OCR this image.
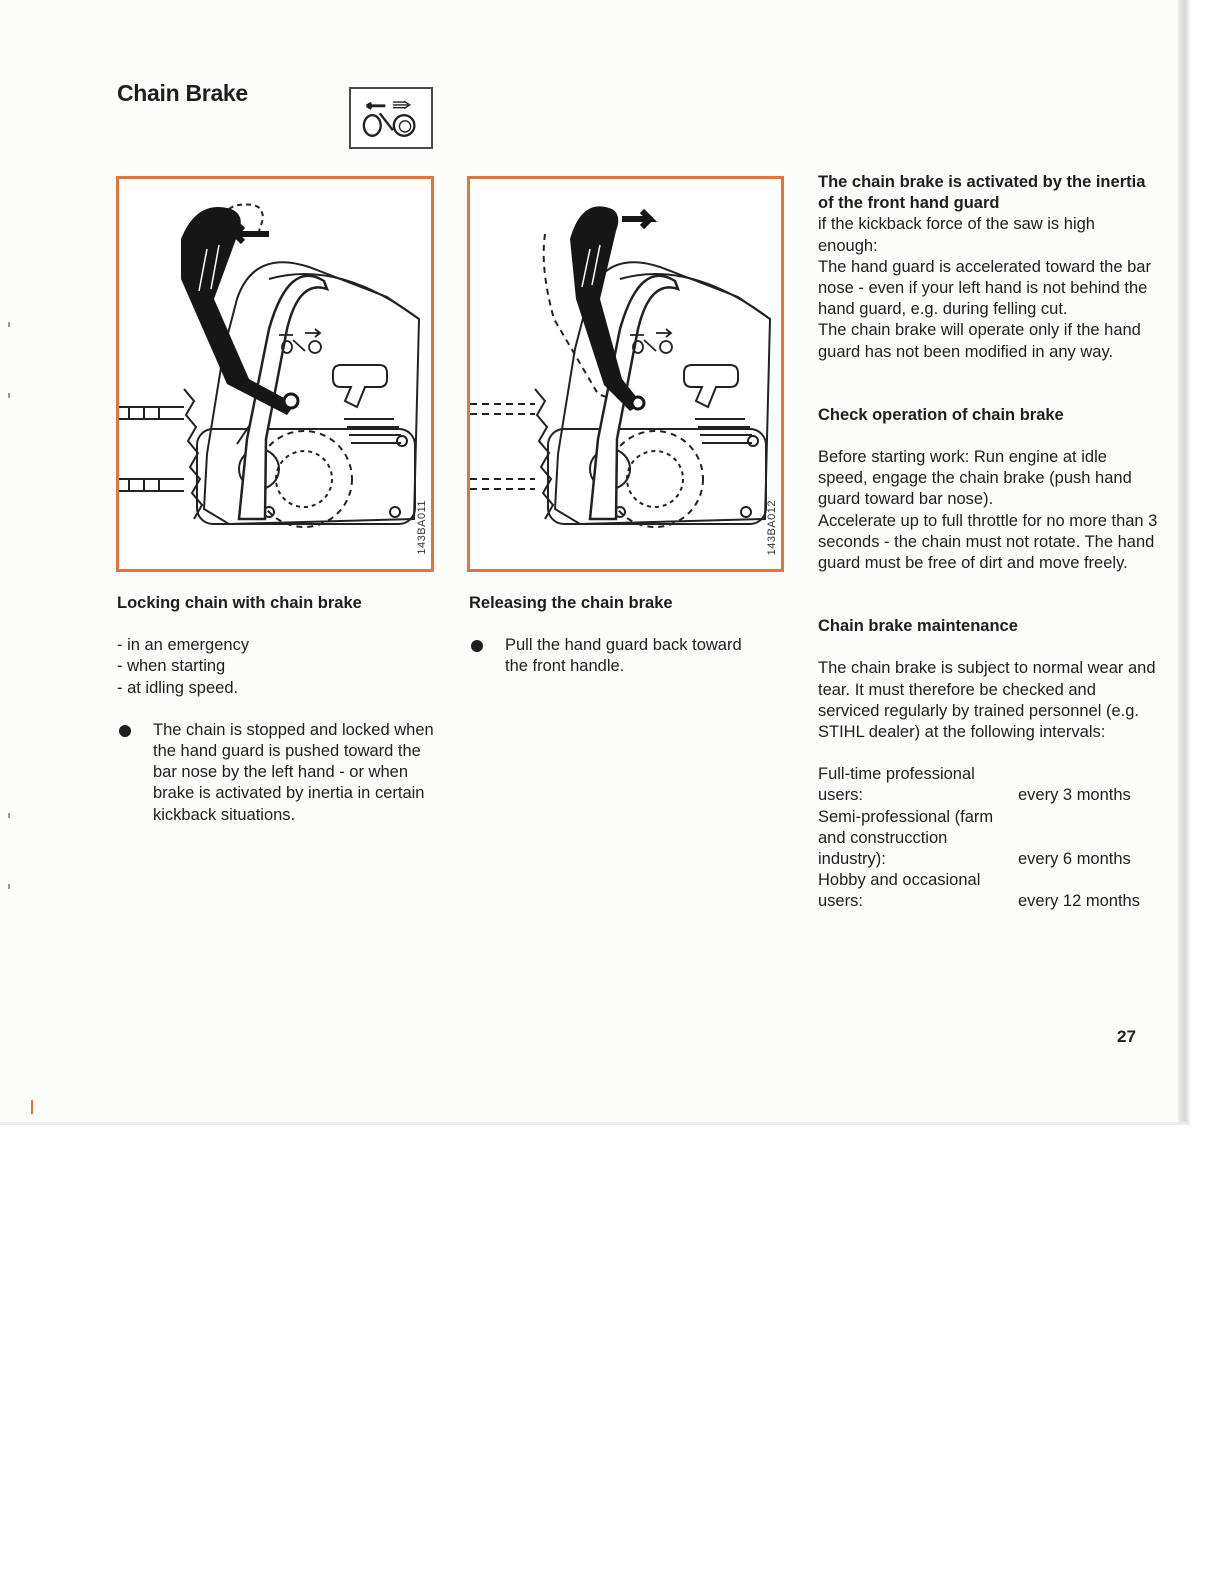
Chain Brake
143BA011	143BA012

Locking chain with chain brake

- in an emergency

- when starting

- at idling speed.

The chain is stopped and locked when the hand guard is pushed toward the bar nose by the left hand - or when brake is activated by inertia in certain kickback situations.

Releasing the chain brake

Pull the hand guard back toward the front handle.

The chain brake is activated by the inertia of the front hand guard

if the kickback force of the saw is high enough:

The hand guard is accelerated toward the bar nose - even if your left hand is not behind the hand guard, e.g. during felling cut.

The chain brake will operate only if the hand guard has not been modified in any way.

Check operation of chain brake

Before starting work: Run engine at idle speed, engage the chain brake (push hand guard toward bar nose).

Accelerate up to full throttle for no more than 3 seconds - the chain must not rotate. The hand guard must be free of dirt and move freely.

Chain brake maintenance

The chain brake is subject to normal wear and tear. It must therefore be checked and serviced regularly by trained personnel (e.g. STIHL dealer) at the following intervals:

Full-time professional users:	every 3 months
Semi-professional (farm and construcction industry):	every 6 months
Hobby and occasional users:	every 12 months
27
